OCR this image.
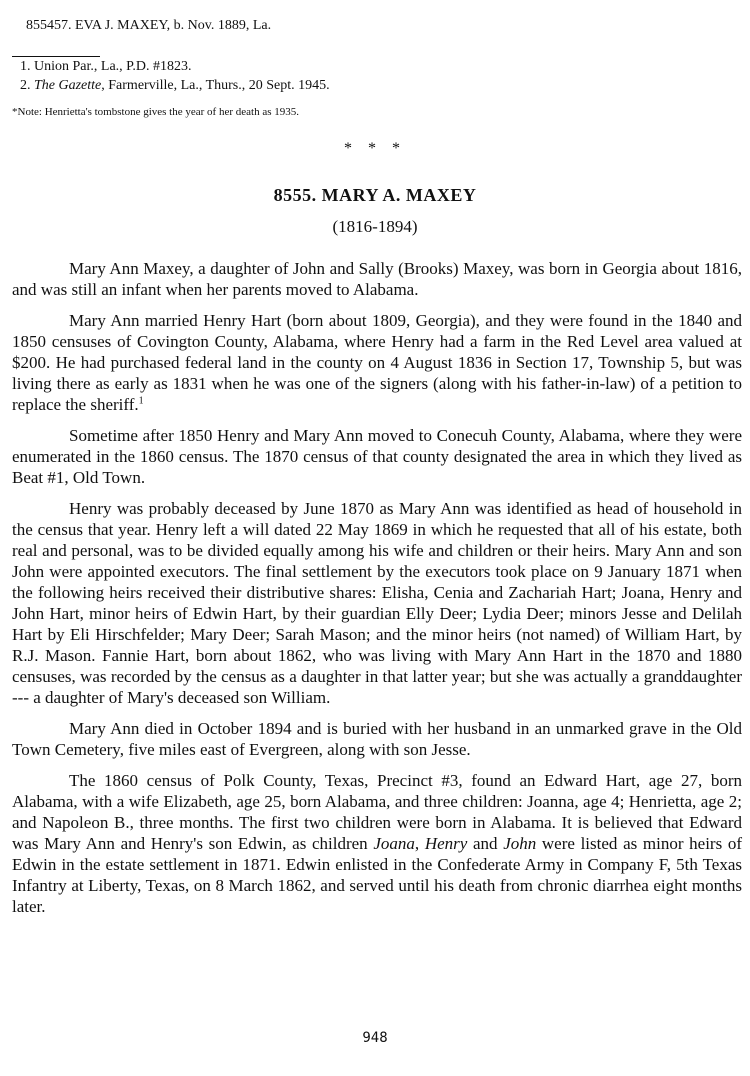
855457. EVA J. MAXEY, b. Nov. 1889, La.
1. Union Par., La., P.D. #1823.
2. The Gazette, Farmerville, La., Thurs., 20 Sept. 1945.
*Note: Henrietta's tombstone gives the year of her death as 1935.
* * *
8555. MARY A. MAXEY
(1816-1894)

Mary Ann Maxey, a daughter of John and Sally (Brooks) Maxey, was born in Georgia about 1816, and was still an infant when her parents moved to Alabama.

Mary Ann married Henry Hart (born about 1809, Georgia), and they were found in the 1840 and 1850 censuses of Covington County, Alabama, where Henry had a farm in the Red Level area valued at $200. He had purchased federal land in the county on 4 August 1836 in Section 17, Township 5, but was living there as early as 1831 when he was one of the signers (along with his father-in-law) of a petition to replace the sheriff.$^1$

Sometime after 1850 Henry and Mary Ann moved to Conecuh County, Alabama, where they were enumerated in the 1860 census. The 1870 census of that county designated the area in which they lived as Beat #1, Old Town.

Henry was probably deceased by June 1870 as Mary Ann was identified as head of household in the census that year. Henry left a will dated 22 May 1869 in which he requested that all of his estate, both real and personal, was to be divided equally among his wife and children or their heirs. Mary Ann and son John were appointed executors. The final settlement by the executors took place on 9 January 1871 when the following heirs received their distributive shares: Elisha, Cenia and Zachariah Hart; Joana, Henry and John Hart, minor heirs of Edwin Hart, by their guardian Elly Deer; Lydia Deer; minors Jesse and Delilah Hart by Eli Hirschfelder; Mary Deer; Sarah Mason; and the minor heirs (not named) of William Hart, by R.J. Mason. Fannie Hart, born about 1862, who was living with Mary Ann Hart in the 1870 and 1880 censuses, was recorded by the census as a daughter in that latter year; but she was actually a granddaughter --- a daughter of Mary's deceased son William.

Mary Ann died in October 1894 and is buried with her husband in an unmarked grave in the Old Town Cemetery, five miles east of Evergreen, along with son Jesse.

The 1860 census of Polk County, Texas, Precinct #3, found an Edward Hart, age 27, born Alabama, with a wife Elizabeth, age 25, born Alabama, and three children: Joanna, age 4; Henrietta, age 2; and Napoleon B., three months. The first two children were born in Alabama. It is believed that Edward was Mary Ann and Henry's son Edwin, as children Joana, Henry and John were listed as minor heirs of Edwin in the estate settlement in 1871. Edwin enlisted in the Confederate Army in Company F, 5th Texas Infantry at Liberty, Texas, on 8 March 1862, and served until his death from chronic diarrhea eight months later.

948
